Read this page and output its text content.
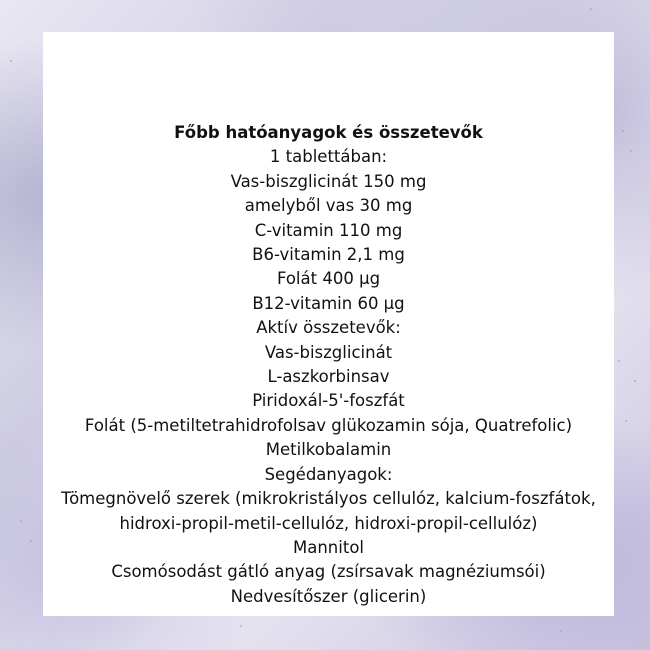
Főbb hatóanyagok és összetevők

1 tablettában:

Vas-biszglicinát 150 mg

amelyből vas 30 mg

C-vitamin 110 mg

B6-vitamin 2,1 mg

Folát 400 µg

B12-vitamin 60 µg

Aktív összetevők:

Vas-biszglicinát

L-aszkorbinsav

Piridoxál-5'-foszfát

Folát (5-metiltetrahidrofolsav glükozamin sója, Quatrefolic)

Metilkobalamin

Segédanyagok:

Tömegnövelő szerek (mikrokristályos cellulóz, kalcium-foszfátok,

hidroxi-propil-metil-cellulóz, hidroxi-propil-cellulóz)

Mannitol

Csomósodást gátló anyag (zsírsavak magnéziumsói)

Nedvesítőszer (glicerin)
